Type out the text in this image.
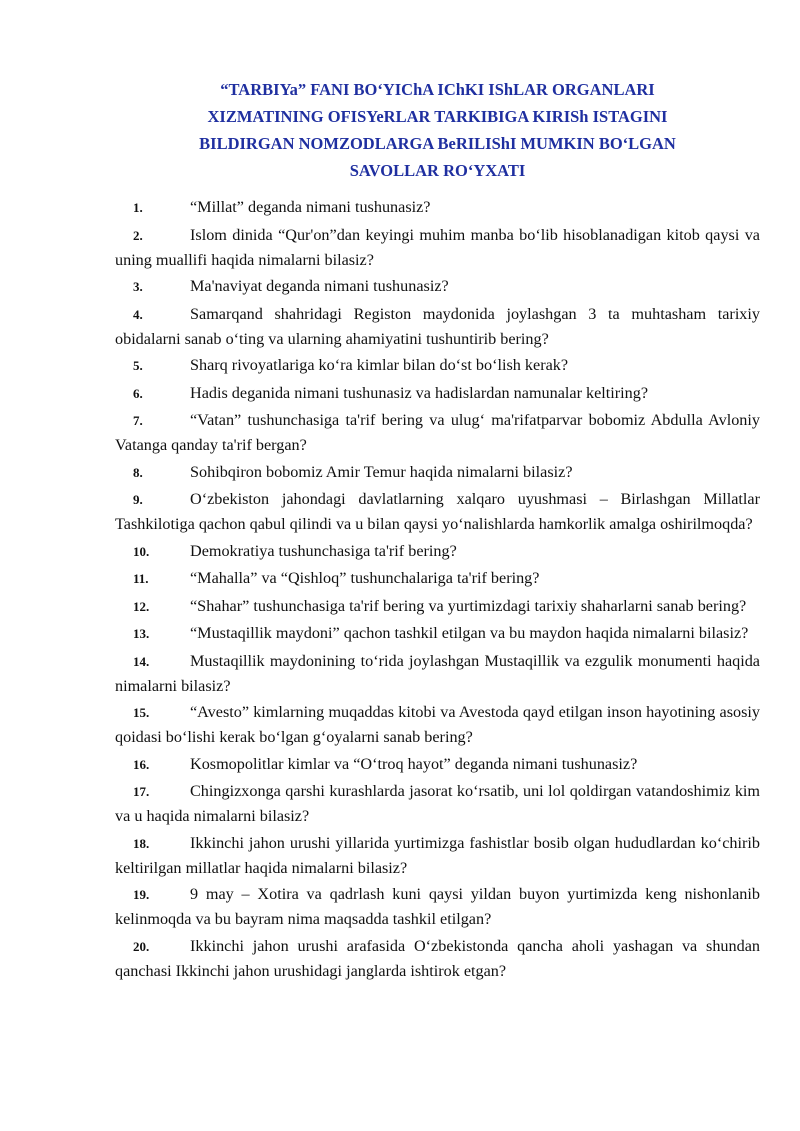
“TARBIYa” FANI BO‘YIChA IChKI IShLAR ORGANLARI
XIZMATINING OFISYeRLAR TARKIBIGA KIRISh ISTAGINI
BILDIRGAN NOMZODLARGA BeRILIShI MUMKIN BO‘LGAN
SAVOLLAR RO‘YXATI
1.	“Millat” deganda nimani tushunasiz?
2.	Islom dinida “Qur'on”dan keyingi muhim manba bo‘lib hisoblanadigan kitob qaysi va uning muallifi haqida nimalarni bilasiz?
3.	Ma'naviyat deganda nimani tushunasiz?
4.	Samarqand shahridagi Registon maydonida joylashgan 3 ta muhtasham tarixiy obidalarni sanab o‘ting va ularning ahamiyatini tushuntirib bering?
5.	Sharq rivoyatlariga ko‘ra kimlar bilan do‘st bo‘lish kerak?
6.	Hadis deganida nimani tushunasiz va hadislardan namunalar keltiring?
7.	“Vatan” tushunchasiga ta'rif bering va ulug‘ ma'rifatparvar bobomiz Abdulla Avloniy Vatanga qanday ta'rif bergan?
8.	Sohibqiron bobomiz Amir Temur haqida nimalarni bilasiz?
9.	O‘zbekiston jahondagi davlatlarning xalqaro uyushmasi – Birlashgan Millatlar Tashkilotiga qachon qabul qilindi va u bilan qaysi yo‘nalishlarda hamkorlik amalga oshirilmoqda?
10.	Demokratiya tushunchasiga ta'rif bering?
11.	“Mahalla” va “Qishloq” tushunchalariga ta'rif bering?
12.	“Shahar” tushunchasiga ta'rif bering va yurtimizdagi tarixiy shaharlarni sanab bering?
13.	“Mustaqillik maydoni” qachon tashkil etilgan va bu maydon haqida nimalarni bilasiz?
14.	Mustaqillik maydonining to‘rida joylashgan Mustaqillik va ezgulik monumenti haqida nimalarni bilasiz?
15.	“Avesto” kimlarning muqaddas kitobi va Avestoda qayd etilgan inson hayotining asosiy qoidasi bo‘lishi kerak bo‘lgan g‘oyalarni sanab bering?
16.	Kosmopolitlar kimlar va “O‘troq hayot” deganda nimani tushunasiz?
17.	Chingizxonga qarshi kurashlarda jasorat ko‘rsatib, uni lol qoldirgan vatandoshimiz kim va u haqida nimalarni bilasiz?
18.	Ikkinchi jahon urushi yillarida yurtimizga fashistlar bosib olgan hududlardan ko‘chirib keltirilgan millatlar haqida nimalarni bilasiz?
19.	9 may – Xotira va qadrlash kuni qaysi yildan buyon yurtimizda keng nishonlanib kelinmoqda va bu bayram nima maqsadda tashkil etilgan?
20.	Ikkinchi jahon urushi arafasida O‘zbekistonda qancha aholi yashagan va shundan qanchasi Ikkinchi jahon urushidagi janglarda ishtirok etgan?
